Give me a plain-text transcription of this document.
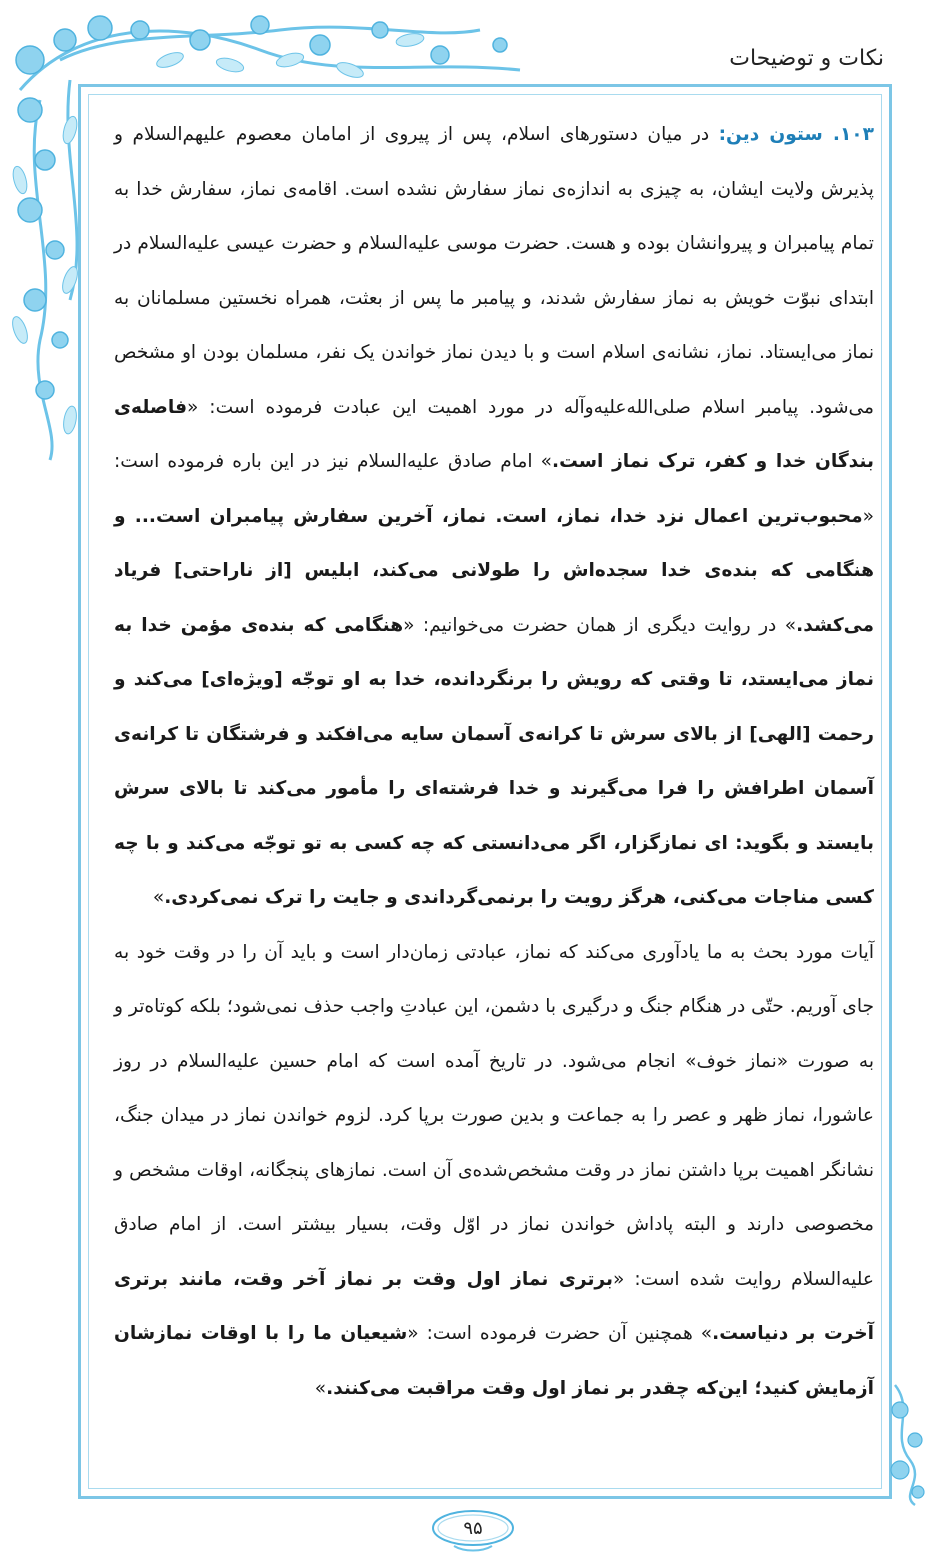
نکات و توضیحات

۱۰۳. ستون دین: در میان دستورهای اسلام، پس از پیروی از امامان معصوم علیهم‌السلام و پذیرش ولایت ایشان، به چیزی به اندازه‌ی نماز سفارش نشده است. اقامه‌ی نماز، سفارش خدا به تمام پیامبران و پیروانشان بوده و هست. حضرت موسی علیه‌السلام و حضرت عیسی علیه‌السلام در ابتدای نبوّت خویش به نماز سفارش شدند، و پیامبر ما پس از بعثت، همراه نخستین مسلمانان به نماز می‌ایستاد. نماز، نشانه‌ی اسلام است و با دیدن نماز خواندن یک نفر، مسلمان بودن او مشخص می‌شود. پیامبر اسلام صلی‌الله‌علیه‌وآله در مورد اهمیت این عبادت فرموده است: «فاصله‌ی بندگان خدا و کفر، ترک نماز است.» امام صادق علیه‌السلام نیز در این باره فرموده است: «محبوب‌ترین اعمال نزد خدا، نماز، است. نماز، آخرین سفارش پیامبران است... و هنگامی که بنده‌ی خدا سجده‌اش را طولانی می‌کند، ابلیس [از ناراحتی] فریاد می‌کشد.» در روایت دیگری از همان حضرت می‌خوانیم: «هنگامی که بنده‌ی مؤمن خدا به نماز می‌ایستد، تا وقتی که رویش را برنگردانده، خدا به او توجّه [ویژه‌ای] می‌کند و رحمت [الهی] از بالای سرش تا کرانه‌ی آسمان سایه می‌افکند و فرشتگان تا کرانه‌ی آسمان اطرافش را فرا می‌گیرند و خدا فرشته‌ای را مأمور می‌کند تا بالای سرش بایستد و بگوید: ای نمازگزار، اگر می‌دانستی که چه کسی به تو توجّه می‌کند و با چه کسی مناجات می‌کنی، هرگز رویت را برنمی‌گرداندی و جایت را ترک نمی‌کردی.»

آیات مورد بحث به ما یادآوری می‌کند که نماز، عبادتی زمان‌دار است و باید آن را در وقت خود به جای آوریم. حتّی در هنگام جنگ و درگیری با دشمن، این عبادتِ واجب حذف نمی‌شود؛ بلکه کوتاه‌تر و به صورت «نماز خوف» انجام می‌شود. در تاریخ آمده است که امام حسین علیه‌السلام در روز عاشورا، نماز ظهر و عصر را به جماعت و بدین صورت برپا کرد. لزوم خواندن نماز در میدان جنگ، نشانگر اهمیت برپا داشتن نماز در وقت مشخص‌شده‌ی آن است. نمازهای پنجگانه، اوقات مشخص و مخصوصی دارند و البته پاداش خواندن نماز در اوّل وقت، بسیار بیشتر است. از امام صادق علیه‌السلام روایت شده است: «برتری نماز اول وقت بر نماز آخر وقت، مانند برتری آخرت بر دنیاست.» همچنین آن حضرت فرموده است: «شیعیان ما را با اوقات نمازشان آزمایش کنید؛ این‌که چقدر بر نماز اول وقت مراقبت می‌کنند.»

۹۵
